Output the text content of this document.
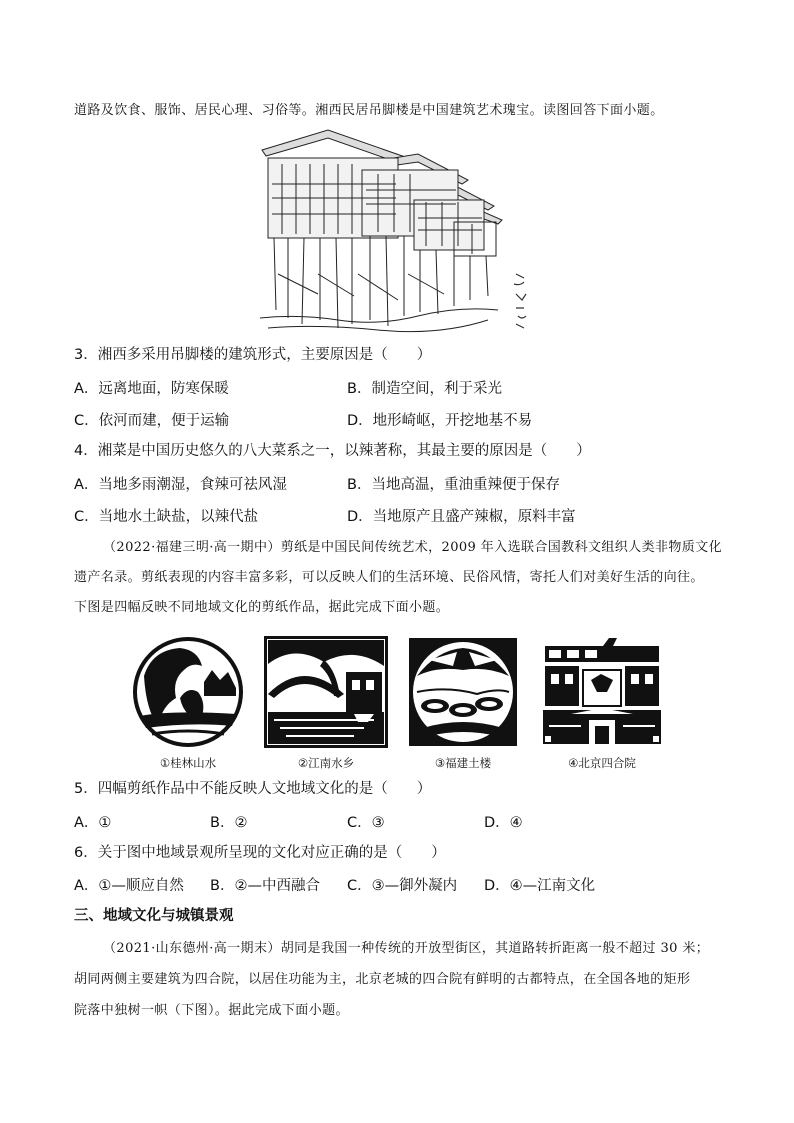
道路及饮食、服饰、居民心理、习俗等。湘西民居吊脚楼是中国建筑艺术瑰宝。读图回答下面小题。
3．湘西多采用吊脚楼的建筑形式，主要原因是（　　）
A．远离地面，防寒保暖	B．制造空间，利于采光
C．依河而建，便于运输	D．地形崎岖，开挖地基不易
4．湘菜是中国历史悠久的八大菜系之一，以辣著称，其最主要的原因是（　　）
A．当地多雨潮湿，食辣可祛风湿	B．当地高温，重油重辣便于保存
C．当地水土缺盐，以辣代盐	D．当地原产且盛产辣椒，原料丰富
（2022·福建三明·高一期中）剪纸是中国民间传统艺术，2009 年入选联合国教科文组织人类非物质文化
遗产名录。剪纸表现的内容丰富多彩，可以反映人们的生活环境、民俗风情，寄托人们对美好生活的向往。
下图是四幅反映不同地域文化的剪纸作品，据此完成下面小题。
①桂林山水	②江南水乡	③福建土楼	④北京四合院
5．四幅剪纸作品中不能反映人文地域文化的是（　　）
A．①	B．②	C．③	D．④
6．关于图中地域景观所呈现的文化对应正确的是（　　）
A．①—顺应自然 B．②—中西融合 C．③—御外凝内 D．④—江南文化
三、地域文化与城镇景观
（2021·山东德州·高一期末）胡同是我国一种传统的开放型街区，其道路转折距离一般不超过 30 米；
胡同两侧主要建筑为四合院，以居住功能为主，北京老城的四合院有鲜明的古都特点，在全国各地的矩形
院落中独树一帜（下图）。据此完成下面小题。
